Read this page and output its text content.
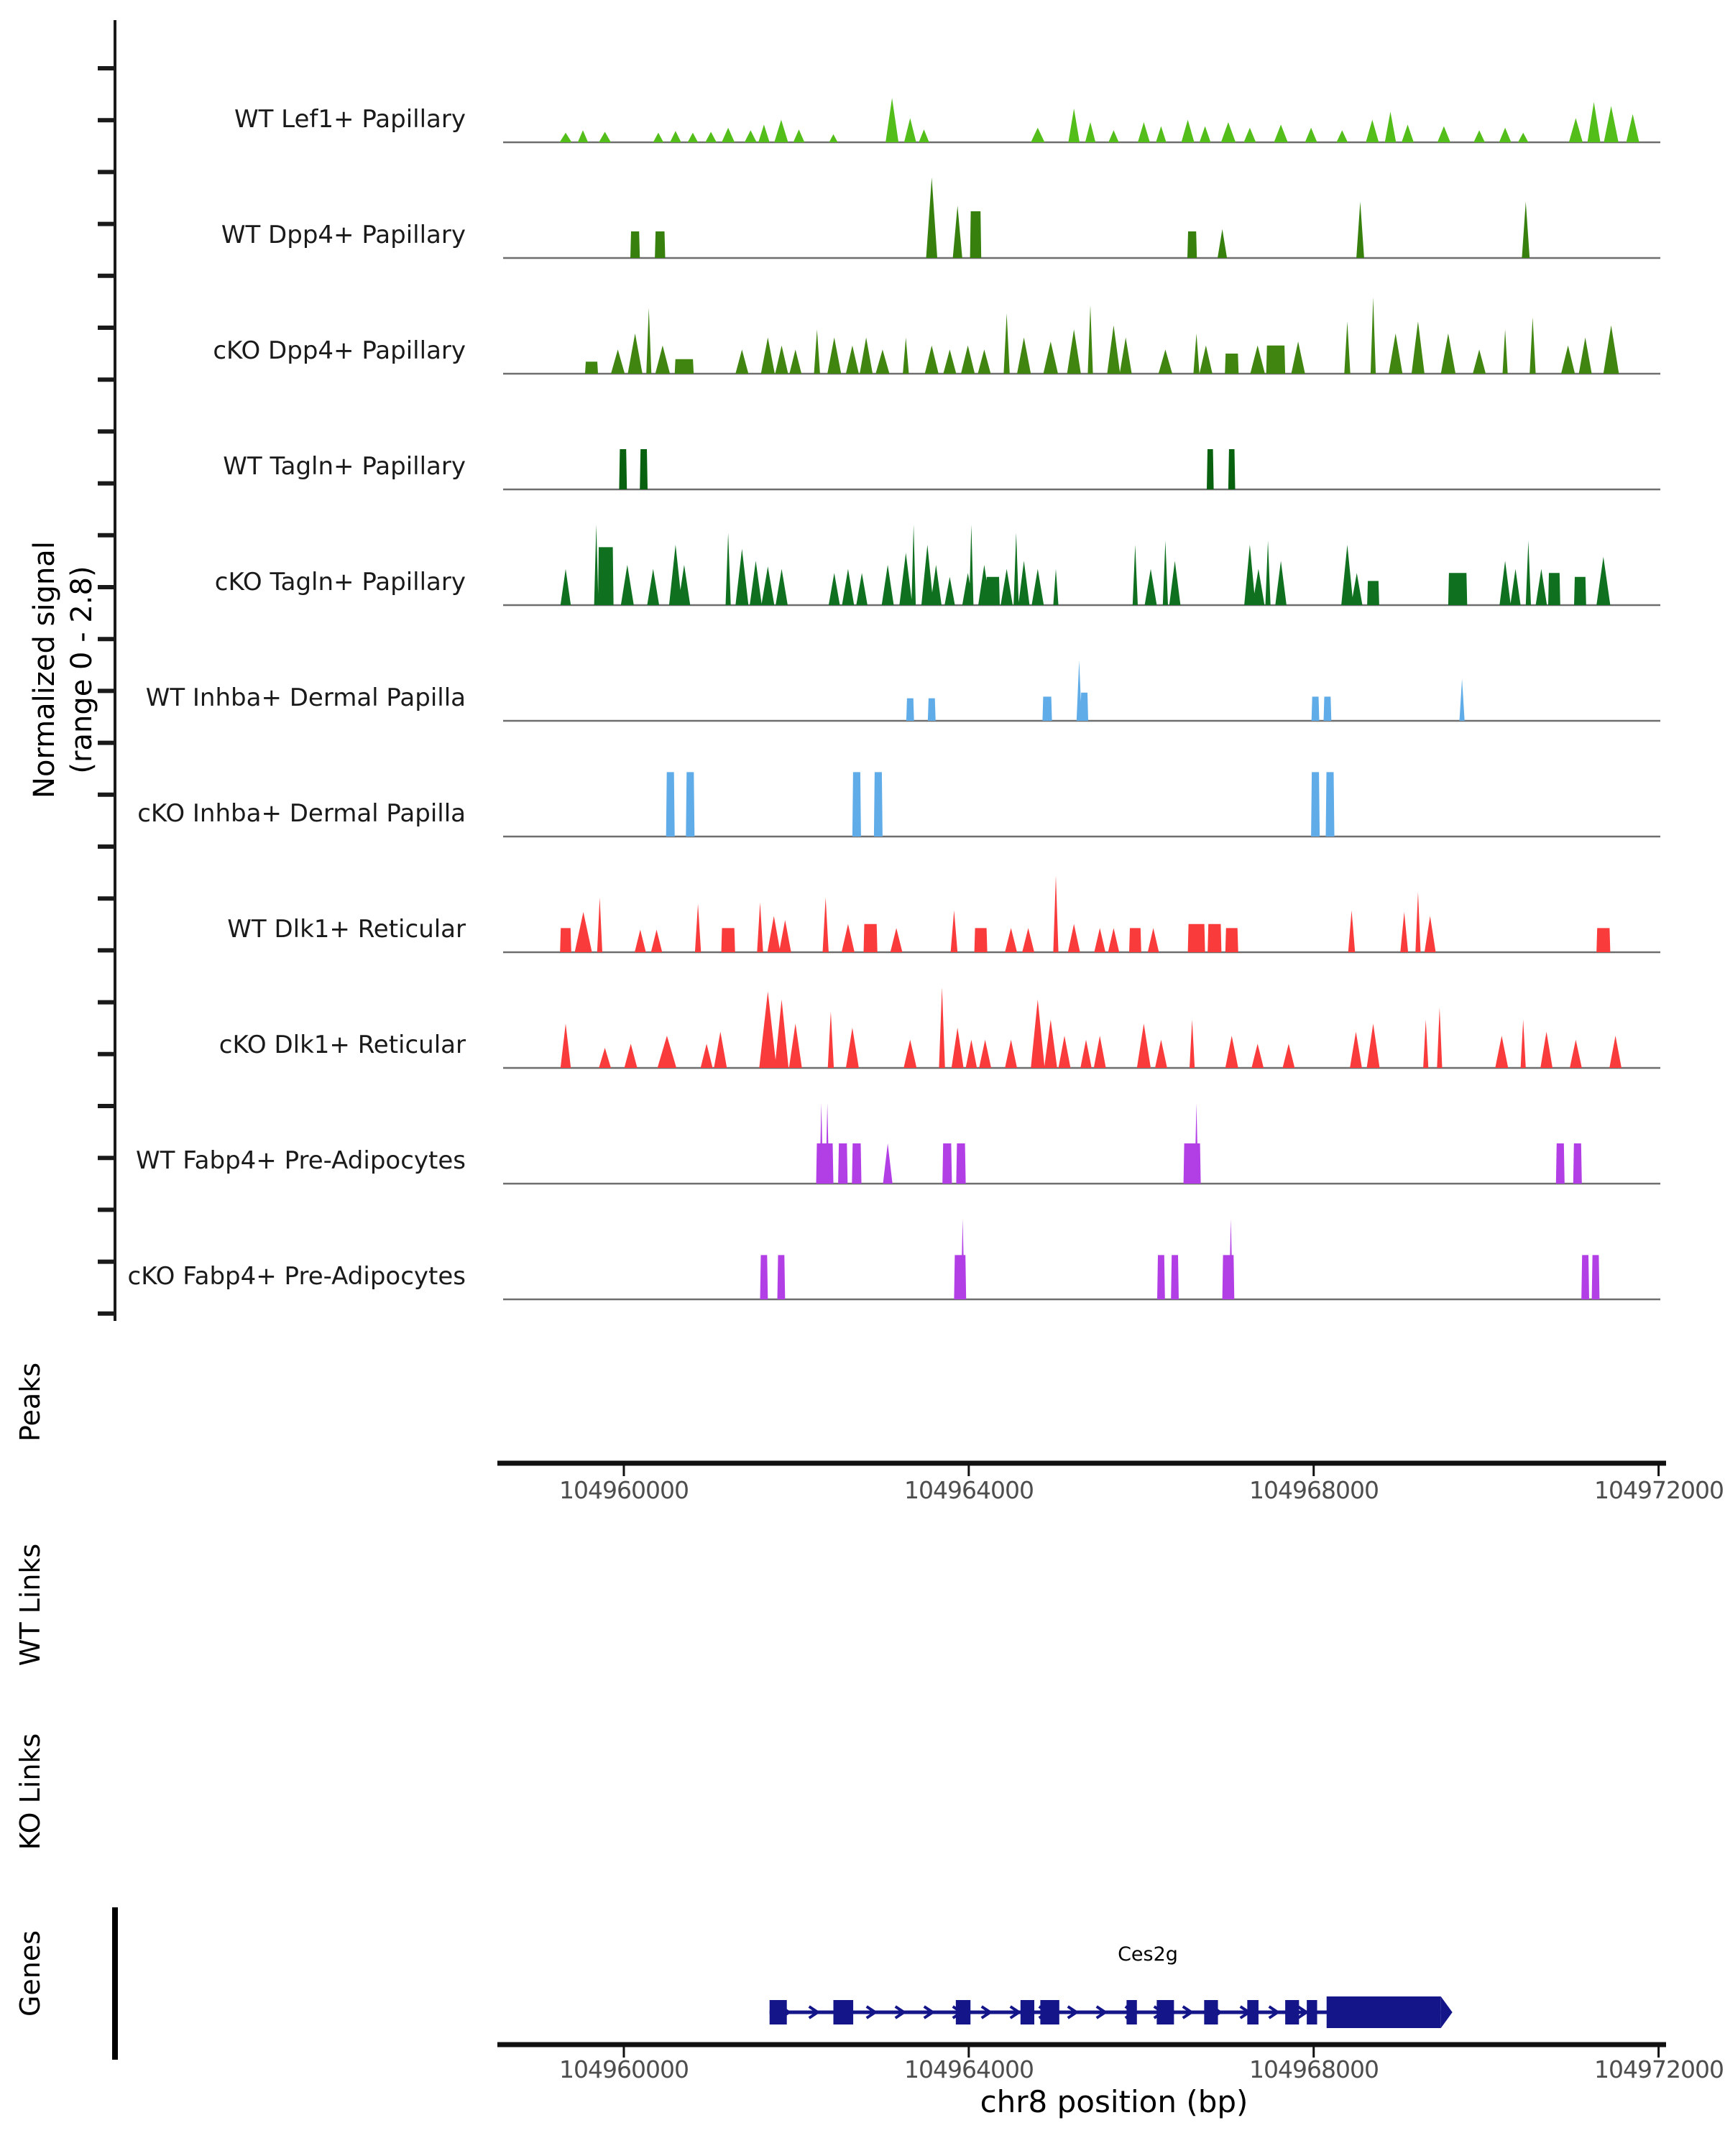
Normalized signal (range 0 - 2.8)
WT Lef1+ Papillary
WT Dpp4+ Papillary
cKO Dpp4+ Papillary
WT Tagln+ Papillary
cKO Tagln+ Papillary
WT Inhba+ Dermal Papilla
cKO Inhba+ Dermal Papilla
WT Dlk1+ Reticular
cKO Dlk1+ Reticular
WT Fabp4+ Pre-Adipocytes
cKO Fabp4+ Pre-Adipocytes
Peaks
WT Links
KO Links
Genes
104960000	104964000	104968000	104972000
Ces2g
104960000	104964000	104968000	104972000
chr8 position (bp)
